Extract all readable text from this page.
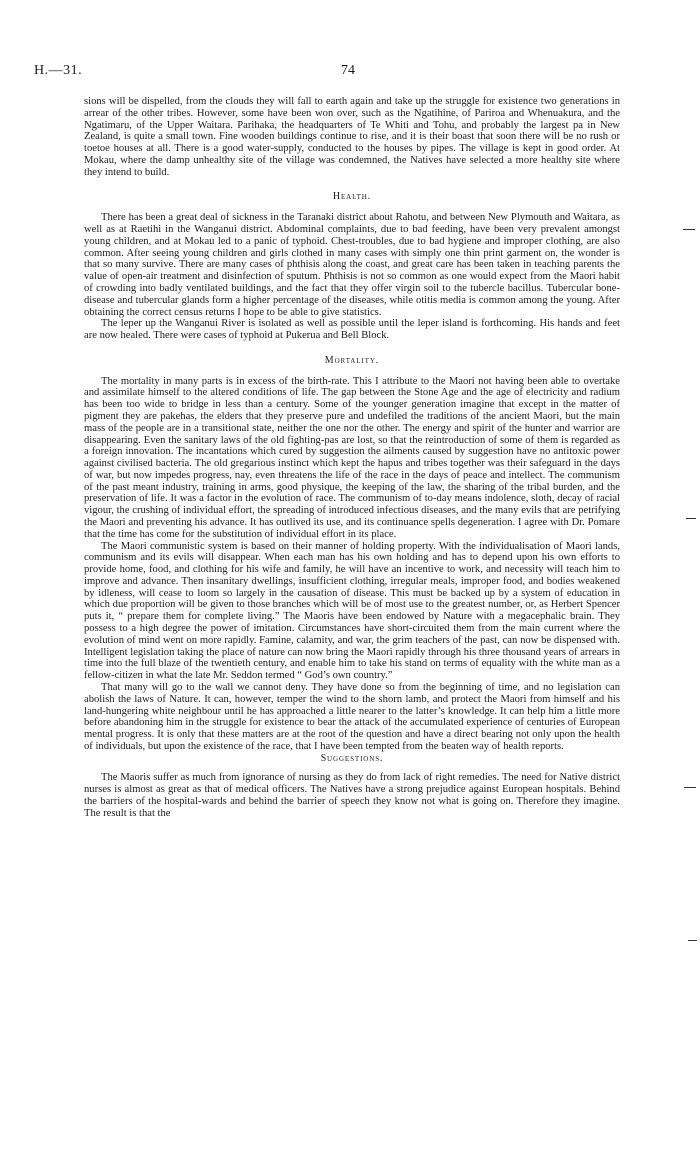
H.—31.	74

sions will be dispelled, from the clouds they will fall to earth again and take up the struggle for existence two generations in arrear of the other tribes. However, some have been won over, such as the Ngatihine, of Pariroa and Whenuakura, and the Ngatimaru, of the Upper Waitara. Parihaka, the headquarters of Te Whiti and Tohu, and probably the largest pa in New Zealand, is quite a small town. Fine wooden buildings continue to rise, and it is their boast that soon there will be no rush or toetoe houses at all. There is a good water-supply, conducted to the houses by pipes. The village is kept in good order. At Mokau, where the damp unhealthy site of the village was condemned, the Natives have selected a more healthy site where they intend to build.

Health.

There has been a great deal of sickness in the Taranaki district about Rahotu, and between New Plymouth and Waitara, as well as at Raetihi in the Wanganui district. Abdominal complaints, due to bad feeding, have been very prevalent amongst young children, and at Mokau led to a panic of typhoid. Chest-troubles, due to bad hygiene and improper clothing, are also common. After seeing young children and girls clothed in many cases with simply one thin print garment on, the wonder is that so many survive. There are many cases of phthisis along the coast, and great care has been taken in teaching parents the value of open-air treatment and disinfection of sputum. Phthisis is not so common as one would expect from the Maori habit of crowding into badly ventilated buildings, and the fact that they offer virgin soil to the tubercle bacillus. Tubercular bone-disease and tubercular glands form a higher percentage of the diseases, while otitis media is common among the young. After obtaining the correct census returns I hope to be able to give statistics.

The leper up the Wanganui River is isolated as well as possible until the leper island is forthcoming. His hands and feet are now healed. There were cases of typhoid at Pukerua and Bell Block.

Mortality.

The mortality in many parts is in excess of the birth-rate. This I attribute to the Maori not having been able to overtake and assimilate himself to the altered conditions of life. The gap between the Stone Age and the age of electricity and radium has been too wide to bridge in less than a century. Some of the younger generation imagine that except in the matter of pigment they are pakehas, the elders that they preserve pure and undefiled the traditions of the ancient Maori, but the main mass of the people are in a transitional state, neither the one nor the other. The energy and spirit of the hunter and warrior are disappearing. Even the sanitary laws of the old fighting-pas are lost, so that the reintroduction of some of them is regarded as a foreign innovation. The incantations which cured by suggestion the ailments caused by suggestion have no antitoxic power against civilised bacteria. The old gregarious instinct which kept the hapus and tribes together was their safeguard in the days of war, but now impedes progress, nay, even threatens the life of the race in the days of peace and intellect. The communism of the past meant industry, training in arms, good physique, the keeping of the law, the sharing of the tribal burden, and the preservation of life. It was a factor in the evolution of race. The communism of to-day means indolence, sloth, decay of racial vigour, the crushing of individual effort, the spreading of introduced infectious diseases, and the many evils that are petrifying the Maori and preventing his advance. It has outlived its use, and its continuance spells degeneration. I agree with Dr. Pomare that the time has come for the substitution of individual effort in its place.

The Maori communistic system is based on their manner of holding property. With the individualisation of Maori lands, communism and its evils will disappear. When each man has his own holding and has to depend upon his own efforts to provide home, food, and clothing for his wife and family, he will have an incentive to work, and necessity will teach him to improve and advance. Then insanitary dwellings, insufficient clothing, irregular meals, improper food, and bodies weakened by idleness, will cease to loom so largely in the causation of disease. This must be backed up by a system of education in which due proportion will be given to those branches which will be of most use to the greatest number, or, as Herbert Spencer puts it, “ prepare them for complete living.” The Maoris have been endowed by Nature with a megacephalic brain. They possess to a high degree the power of imitation. Circumstances have short-circuited them from the main current where the evolution of mind went on more rapidly. Famine, calamity, and war, the grim teachers of the past, can now be dispensed with. Intelligent legislation taking the place of nature can now bring the Maori rapidly through his three thousand years of arrears in time into the full blaze of the twentieth century, and enable him to take his stand on terms of equality with the white man as a fellow-citizen in what the late Mr. Seddon termed “ God’s own country.”

That many will go to the wall we cannot deny. They have done so from the beginning of time, and no legislation can abolish the laws of Nature. It can, however, temper the wind to the shorn lamb, and protect the Maori from himself and his land-hungering white neighbour until he has approached a little nearer to the latter’s knowledge. It can help him a little more before abandoning him in the struggle for existence to bear the attack of the accumulated experience of centuries of European mental progress. It is only that these matters are at the root of the question and have a direct bearing not only upon the health of individuals, but upon the existence of the race, that I have been tempted from the beaten way of health reports.

Suggestions.

The Maoris suffer as much from ignorance of nursing as they do from lack of right remedies. The need for Native district nurses is almost as great as that of medical officers. The Natives have a strong prejudice against European hospitals. Behind the barriers of the hospital-wards and behind the barrier of speech they know not what is going on. Therefore they imagine. The result is that the
